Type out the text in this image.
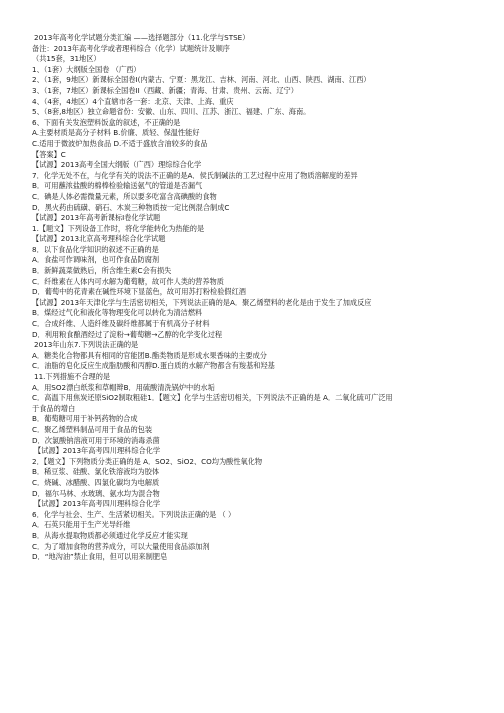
2013年高考化学试题分类汇编 ——选择题部分（11.化学与STSE）
备注：2013年高考化学或者理科综合（化学）试题统计及顺序
（共15套，31地区）
1、（1套）大纲版全国卷 （广西）
2、（1套，9地区）新课标全国卷I(内蒙古、宁夏：黑龙江、吉林、河南、河北、山西、陕西、湖南、江西）
3、（1套，7地区）新课标全国卷II（西藏、新疆；青海、甘肃、贵州、云南、辽宁）
4、（4套，4地区）4个直辖市各一套：北京、天津、上海、重庆
5、（8套,8地区）独立命题省份：安徽、山东、四川、江苏、浙江、福建、广东、海南。
6、下面有关发泡塑料饭盒的叙述，不正确的是
A.主要材质是高分子材料 B.价廉、质轻、保温性能好
C.适用于微波炉加热食品 D.不适于盛放含油较多的食品
【答案】C
【试源】2013高考全国大纲版（广西）理综综合化学
7．化学无处不在，与化学有关的说法不正确的是A．侯氏制碱法的工艺过程中应用了物质溶解度的差异
B．可用蘸浓盐酸的棉棒检验输送氨气的管道是否漏气
C．碘是人体必需微量元素，所以要多吃富含高碘酸的食物
D．黑火药由硫磺、硝石、木炭三种物质按一定比例混合制成C
【试源】2013年高考新课标Ⅰ卷化学试题
1.【题文】下列设备工作时，将化学能转化为热能的是
【试源】2013北京高考理科综合化学试题
8．以下食品化学知识的叙述不正确的是
A．食盐可作调味剂，也可作食品防腐剂
B．新鲜蔬菜做熟后，所含维生素C会有损失
C．纤维素在人体内可水解为葡萄糖，故可作人类的营养物质
D．葡萄中的花青素在碱性环境下显蓝色，故可用苏打粉检验假红酒
【试源】2013年天津化学与生活密切相关，下列说法正确的是A．聚乙烯塑料的老化是由于发生了加成反应
B．煤经过气化和液化等物理变化可以转化为清洁燃料
C．合成纤维、人造纤维及碳纤维都属于有机高分子材料
D．利用粮食酿酒经过了淀粉→葡萄糖→乙醇的化学变化过程
2013年山东7.下列说法正确的是
A．糖类化合物都具有相同的官能团B.酯类物质是形成水果香味的主要成分
C．油脂的皂化反应生成脂肪酸和丙醇D.蛋白质的水解产物都含有羧基和羟基
11.下列措施不合理的是
A．用SO2漂白纸浆和草帽辫B．用硫酸清洗锅炉中的水垢
C．高温下用焦炭还原SiO2制取粗硅1．【题文】化学与生活密切相关，下列说法不正确的是 A．二氧化硫可广泛用
于食品的增白
B．葡萄糖可用于补钙药物的合成
C．聚乙烯塑料制品可用于食品的包装
D．次氯酸钠溶液可用于环境的消毒杀菌
【试源】2013年高考四川理科综合化学
2．【题文】下列物质分类正确的是 A．SO2、SiO2、CO均为酸性氧化物
B．稀豆浆、硅酸、氯化铁溶液均为胶体
C．烧碱、冰醋酸、四氯化碳均为电解质
D．福尔马林、水玻璃、氨水均为混合物
【试源】2013年高考四川理科综合化学
6．化学与社会、生产、生活紧切相关。下列说法正确的是 （ ）
A．石英只能用于生产光导纤维
B．从海水提取物质都必须通过化学反应才能实现
C．为了增加食物的营养成分，可以大量使用食品添加剂
D．“地沟油”禁止食用，但可以用来制肥皂
